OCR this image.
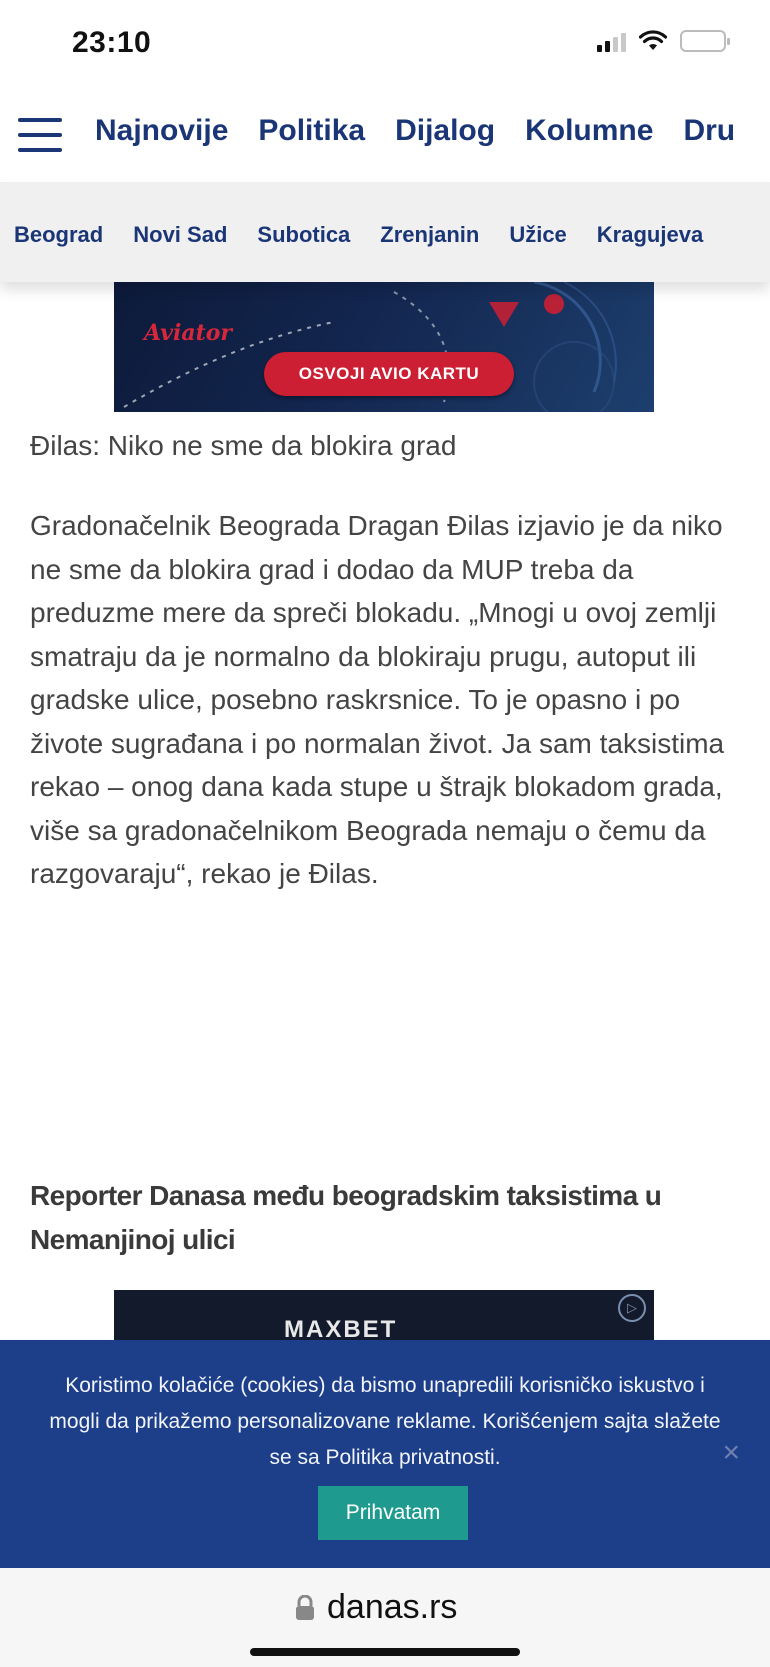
23:10
Najnovije Politika Dijalog Kolumne Dru
Beograd Novi Sad Subotica Zrenjanin Užice Kragujeva
Aviator
OSVOJI AVIO KARTU
Đilas: Niko ne sme da blokira grad

Gradonačelnik Beograda Dragan Đilas izjavio je da niko ne sme da blokira grad i dodao da MUP treba da preduzme mere da spreči blokadu. „Mnogi u ovoj zemlji smatraju da je normalno da blokiraju prugu, autoput ili gradske ulice, posebno raskrsnice. To je opasno i po živote sugrađana i po normalan život. Ja sam taksistima rekao – onog dana kada stupe u štrajk blokadom grada, više sa gradonačelnikom Beograda nemaju o čemu da razgovaraju“, rekao je Đilas.

Reporter Danasa među beogradskim taksistima u Nemanjinoj ulici
MAXBET
▷

Koristimo kolačiće (cookies) da bismo unapredili korisničko iskustvo i mogli da prikažemo personalizovane reklame. Korišćenjem sajta slažete se sa Politika privatnosti.	×
Prihvatam
danas.rs
